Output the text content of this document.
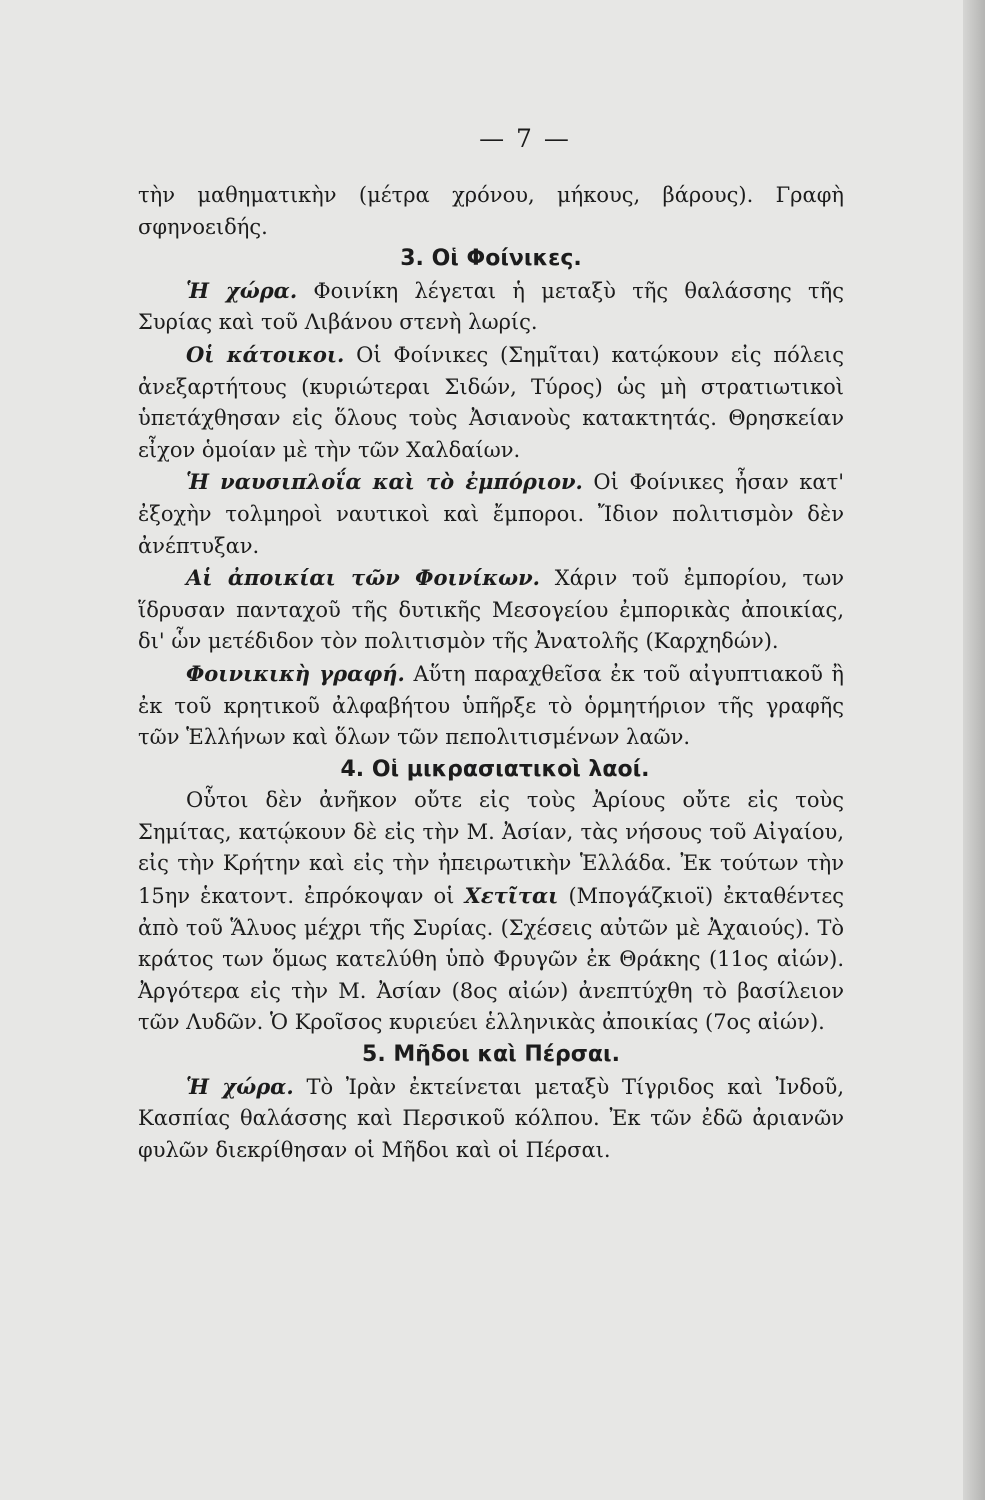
— 7 —

τὴν μαθηματικὴν (μέτρα χρόνου, μήκους, βάρους). Γραφὴ σφηνοειδής.

3. Οἱ Φοίνικες.

Ἡ χώρα. Φοινίκη λέγεται ἡ μεταξὺ τῆς θαλάσσης τῆς Συρίας καὶ τοῦ Λιβάνου στενὴ λωρίς.

Οἱ κάτοικοι. Οἱ Φοίνικες (Σημῖται) κατῴκουν εἰς πόλεις ἀνεξαρτήτους (κυριώτεραι Σιδών, Τύρος) ὡς μὴ στρατιωτικοὶ ὑπετάχθησαν εἰς ὅλους τοὺς Ἀσιανοὺς κατακτητάς. Θρησκείαν εἶχον ὁμοίαν μὲ τὴν τῶν Χαλδαίων.

Ἡ ναυσιπλοΐα καὶ τὸ ἐμπόριον. Οἱ Φοίνικες ἦσαν κατ' ἐξοχὴν τολμηροὶ ναυτικοὶ καὶ ἔμποροι. Ἴδιον πολιτισμὸν δὲν ἀνέπτυξαν.

Αἱ ἀποικίαι τῶν Φοινίκων. Χάριν τοῦ ἐμπορίου, των ἵδρυσαν πανταχοῦ τῆς δυτικῆς Μεσογείου ἐμπορικὰς ἀποικίας, δι' ὧν μετέδιδον τὸν πολιτισμὸν τῆς Ἀνατολῆς (Καρχηδών).

Φοινικικὴ γραφή. Αὕτη παραχθεῖσα ἐκ τοῦ αἰγυπτιακοῦ ἢ ἐκ τοῦ κρητικοῦ ἀλφαβήτου ὑπῆρξε τὸ ὁρμητήριον τῆς γραφῆς τῶν Ἑλλήνων καὶ ὅλων τῶν πεπολιτισμένων λαῶν.

4. Οἱ μικρασιατικοὶ λαοί.

Οὗτοι δὲν ἀνῆκον οὔτε εἰς τοὺς Ἀρίους οὔτε εἰς τοὺς Σημίτας, κατῴκουν δὲ εἰς τὴν Μ. Ἀσίαν, τὰς νήσους τοῦ Αἰγαίου, εἰς τὴν Κρήτην καὶ εἰς τὴν ἠπειρωτικὴν Ἑλλάδα. Ἐκ τούτων τὴν 15ην ἑκατοντ. ἐπρόκοψαν οἱ Χετῖται (Μπογάζκιοϊ) ἐκταθέντες ἀπὸ τοῦ Ἅλυος μέχρι τῆς Συρίας. (Σχέσεις αὐτῶν μὲ Ἀχαιούς). Τὸ κράτος των ὅμως κατελύθη ὑπὸ Φρυγῶν ἐκ Θράκης (11ος αἰών). Ἀργότερα εἰς τὴν Μ. Ἀσίαν (8ος αἰών) ἀνεπτύχθη τὸ βασίλειον τῶν Λυδῶν. Ὁ Κροῖσος κυριεύει ἑλληνικὰς ἀποικίας (7ος αἰών).

5. Μῆδοι καὶ Πέρσαι.

Ἡ χώρα. Τὸ Ἰρὰν ἐκτείνεται μεταξὺ Τίγριδος καὶ Ἰνδοῦ, Κασπίας θαλάσσης καὶ Περσικοῦ κόλπου. Ἐκ τῶν ἐδῶ ἀριανῶν φυλῶν διεκρίθησαν οἱ Μῆδοι καὶ οἱ Πέρσαι.
